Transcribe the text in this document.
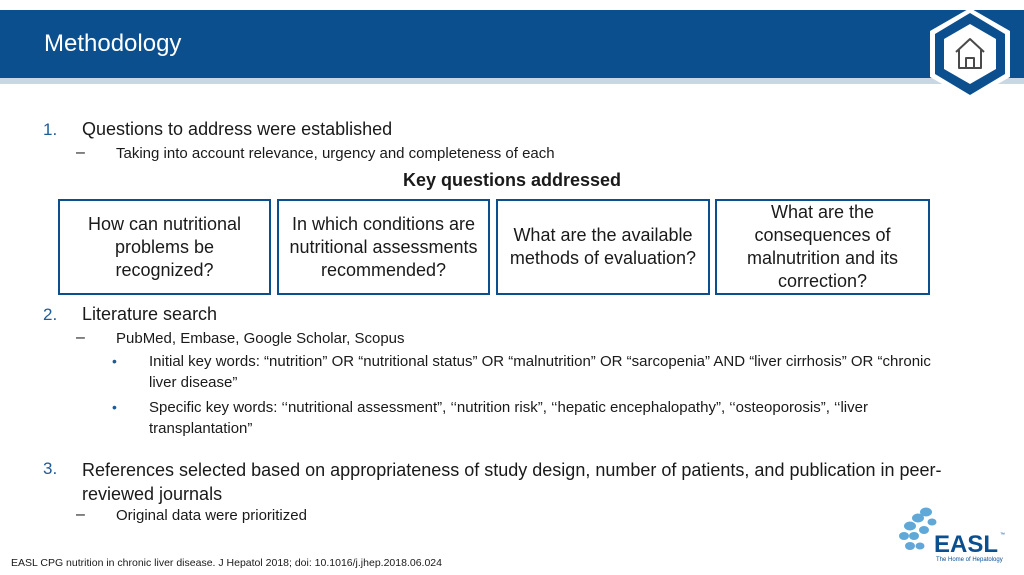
Methodology
1. Questions to address were established
– Taking into account relevance, urgency and completeness of each
Key questions addressed
How can nutritional problems be recognized?
In which conditions are nutritional assessments recommended?
What are the available methods of evaluation?
What are the consequences of malnutrition and its correction?
2. Literature search
– PubMed, Embase, Google Scholar, Scopus
• Initial key words: “nutrition” OR “nutritional status” OR “malnutrition” OR “sarcopenia” AND “liver cirrhosis” OR “chronic liver disease”
• Specific key words: ‘‘nutritional assessment”, ‘‘nutrition risk”, ‘‘hepatic encephalopathy”, ‘‘osteoporosis”, ‘‘liver transplantation”
3. References selected based on appropriateness of study design, number of patients, and publication in peer-reviewed journals
– Original data were prioritized
EASL CPG nutrition in chronic liver disease. J Hepatol 2018; doi: 10.1016/j.jhep.2018.06.024
EASL ™
The Home of Hepatology
